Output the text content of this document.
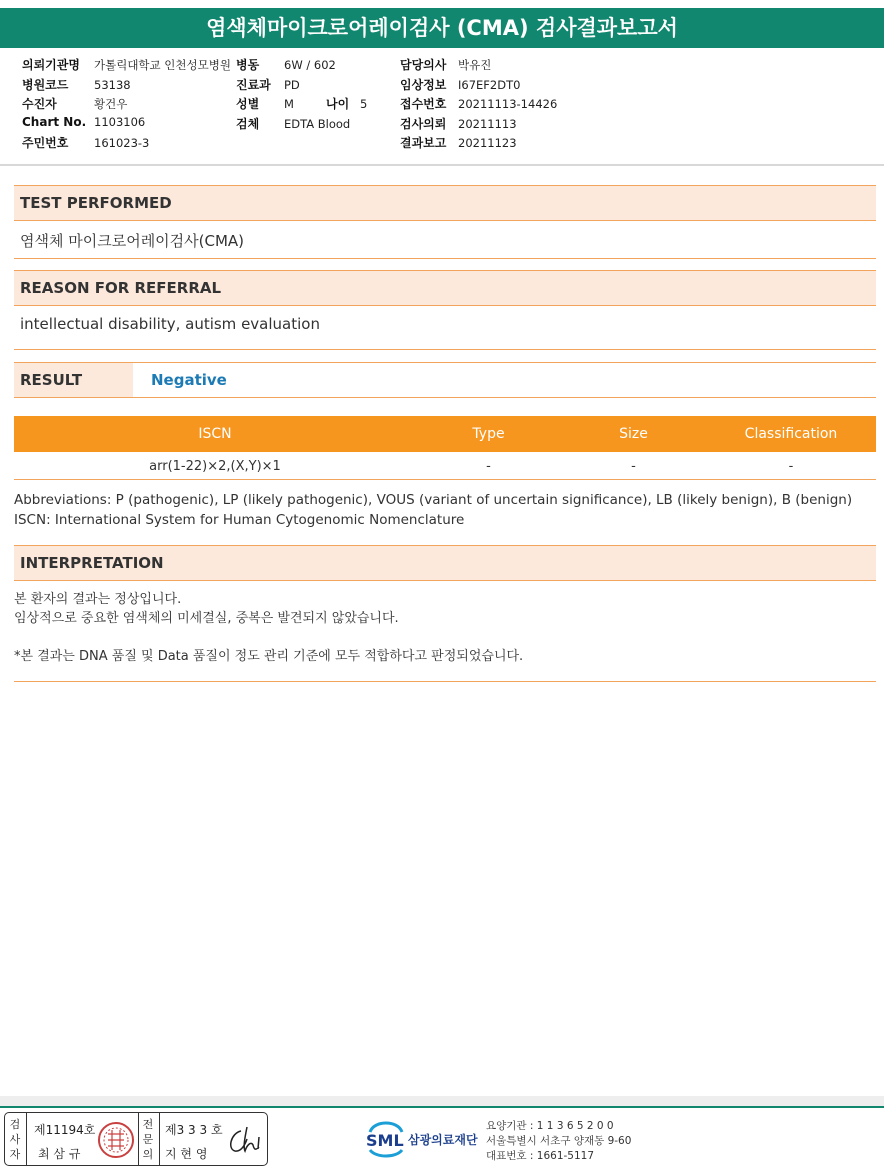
염색체마이크로어레이검사 (CMA) 검사결과보고서
의뢰기관명 가톨릭대학교 인천성모병원
병원코드 53138
수진자	황건우
Chart No. 1103106
주민번호 161023-3
병동 6W / 602
진료과 PD
성별 M	나이 5
검체 EDTA Blood
담당의사 박유진
임상정보 I67EF2DT0
접수번호 20211113-14426
검사의뢰 20211113
결과보고 20211123
TEST PERFORMED
염색체 마이크로어레이검사(CMA)
REASON FOR REFERRAL
intellectual disability, autism evaluation
RESULT	Negative
ISCN	Type	Size	Classification
arr(1-22)×2,(X,Y)×1	-	-	-
Abbreviations: P (pathogenic), LP (likely pathogenic), VOUS (variant of uncertain significance), LB (likely benign), B (benign)
ISCN: International System for Human Cytogenomic Nomenclature
INTERPRETATION
본 환자의 결과는 정상입니다.
임상적으로 중요한 염색체의 미세결실, 중복은 발견되지 않았습니다.
*본 결과는 DNA 품질 및 Data 품질이 정도 관리 기준에 모두 적합하다고 판정되었습니다.
검
사
자
제11194호
최 삼 규
전
문
의
제3 3 3 호
지 현 영
SML 삼광의료재단
요양기관 : 1 1 3 6 5 2 0 0
서울특별시 서초구 양재동 9-60
대표번호 : 1661-5117
